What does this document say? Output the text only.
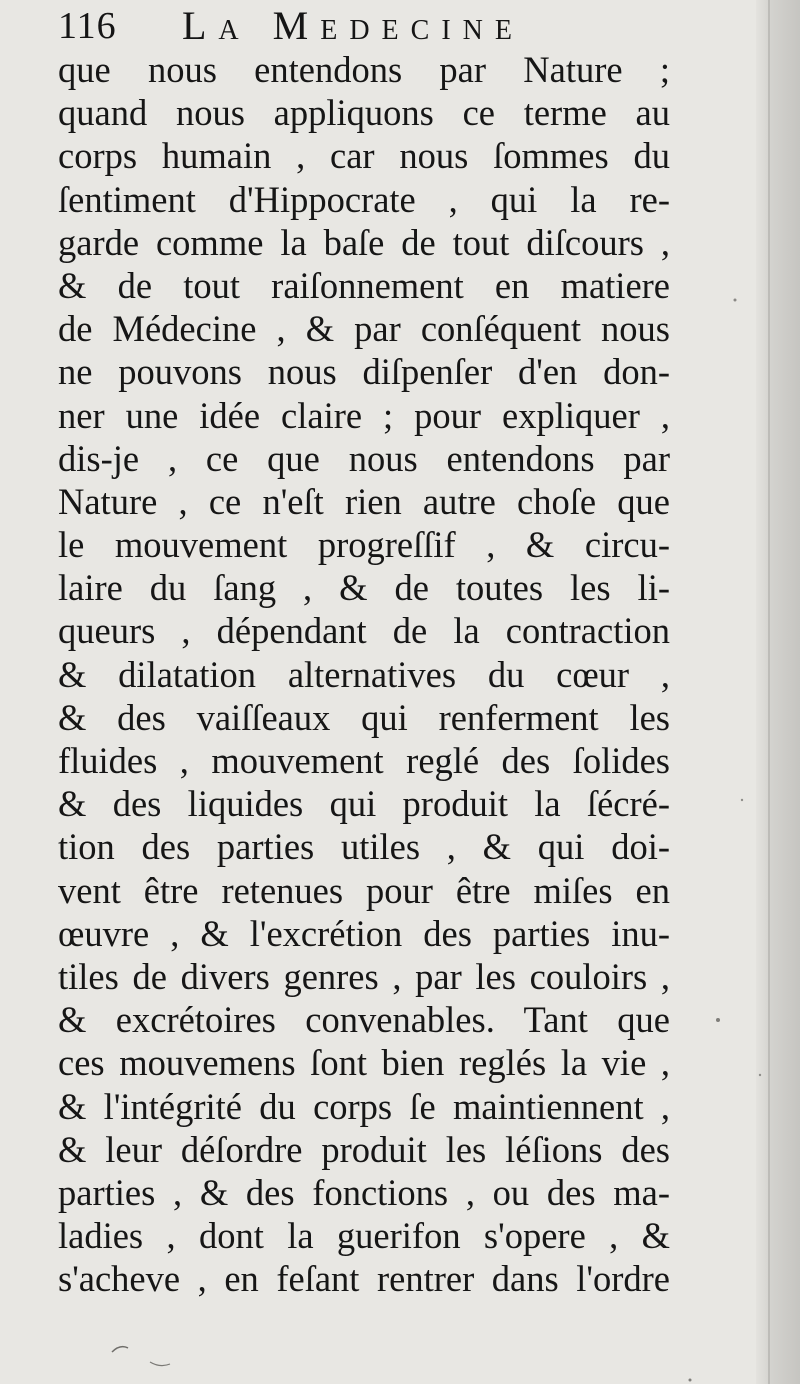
116 La Medecine
que nous entendons par Nature ;
quand nous appliquons ce terme au
corps humain , car nous ſommes du
ſentiment d'Hippocrate , qui la re-
garde comme la baſe de tout diſcours ,
& de tout raiſonnement en matiere
de Médecine , & par conſéquent nous
ne pouvons nous diſpenſer d'en don-
ner une idée claire ; pour expliquer ,
dis-je , ce que nous entendons par
Nature , ce n'eſt rien autre choſe que
le mouvement progreſſif , & circu-
laire du ſang , & de toutes les li-
queurs , dépendant de la contraction
& dilatation alternatives du cœur ,
& des vaiſſeaux qui renferment les
fluides , mouvement reglé des ſolides
& des liquides qui produit la ſécré-
tion des parties utiles , & qui doi-
vent être retenues pour être miſes en
œuvre , & l'excrétion des parties inu-
tiles de divers genres , par les couloirs ,
& excrétoires convenables. Tant que
ces mouvemens ſont bien reglés la vie ,
& l'intégrité du corps ſe maintiennent ,
& leur déſordre produit les léſions des
parties , & des fonctions , ou des ma-
ladies , dont la guerifon s'opere , &
s'acheve , en feſant rentrer dans l'ordre
